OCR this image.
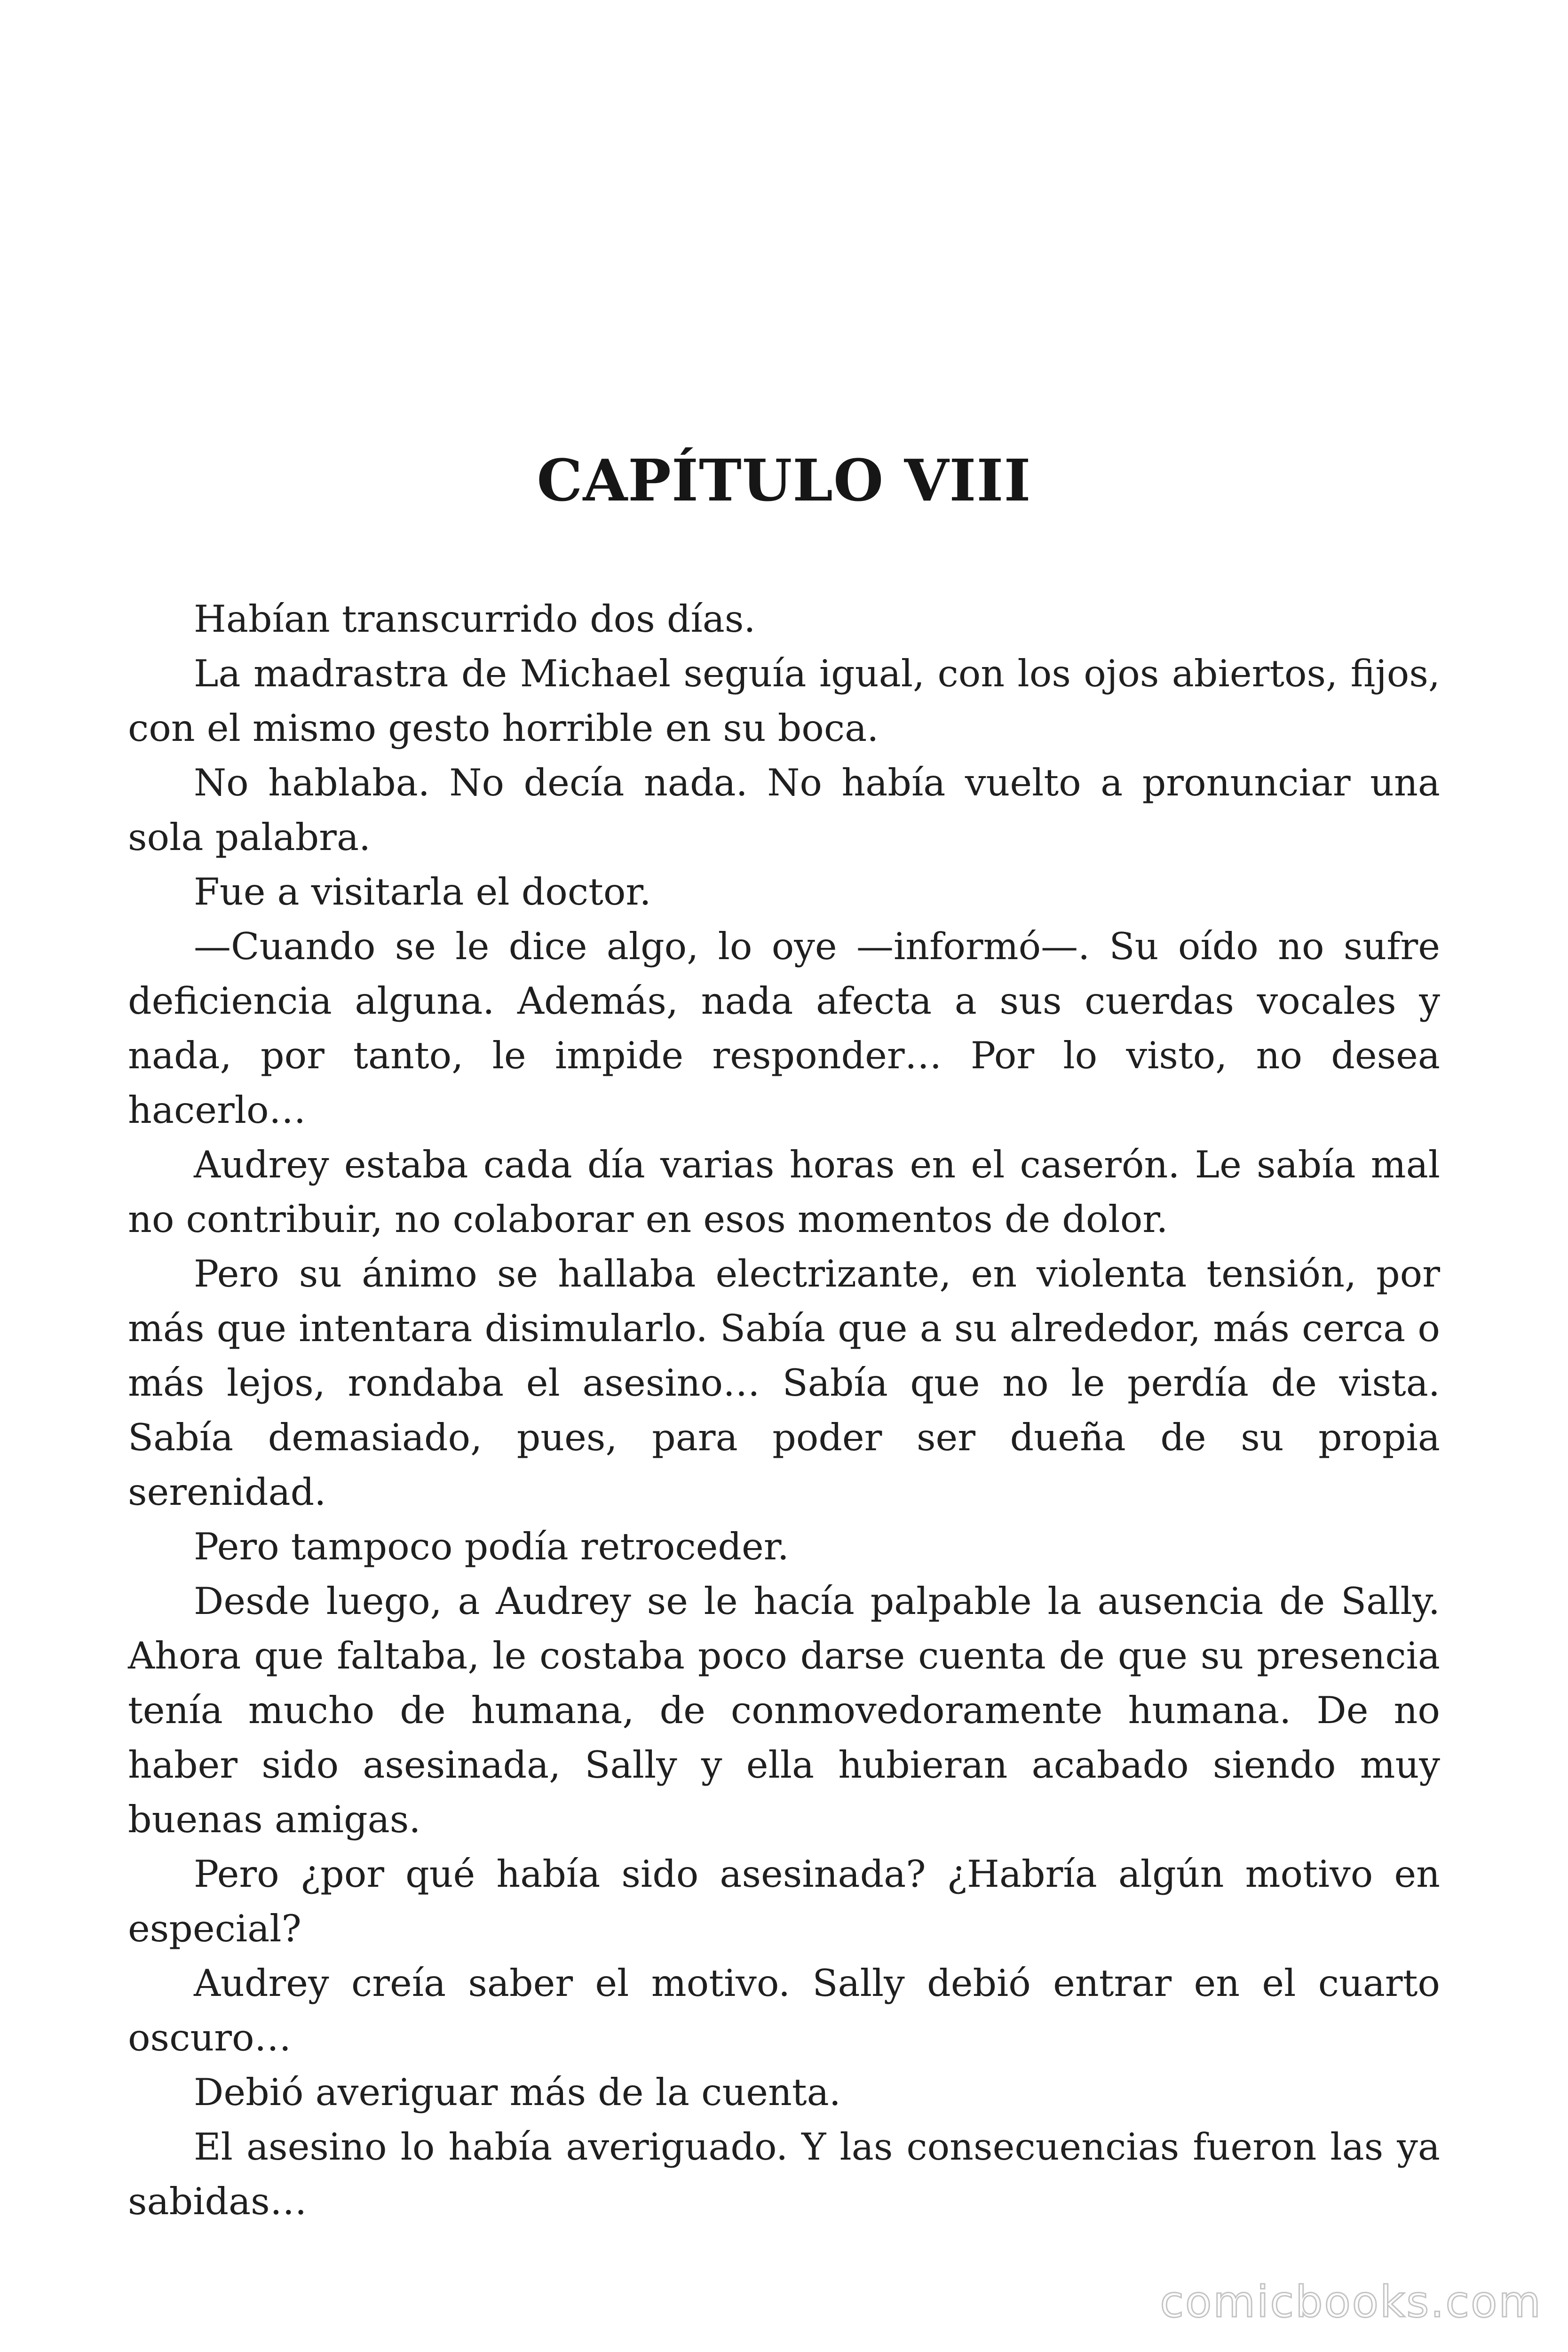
CAPÍTULO VIII

Habían transcurrido dos días.

La madrastra de Michael seguía igual, con los ojos abiertos, fijos, con el mismo gesto horrible en su boca.

No hablaba. No decía nada. No había vuelto a pronunciar una sola palabra.

Fue a visitarla el doctor.

—Cuando se le dice algo, lo oye —informó—. Su oído no sufre deficiencia alguna. Además, nada afecta a sus cuerdas vocales y nada, por tanto, le impide responder… Por lo visto, no desea hacerlo…

Audrey estaba cada día varias horas en el caserón. Le sabía mal no contribuir, no colaborar en esos momentos de dolor.

Pero su ánimo se hallaba electrizante, en violenta tensión, por más que intentara disimularlo. Sabía que a su alrededor, más cerca o más lejos, rondaba el asesino… Sabía que no le perdía de vista. Sabía demasiado, pues, para poder ser dueña de su propia serenidad.

Pero tampoco podía retroceder.

Desde luego, a Audrey se le hacía palpable la ausencia de Sally. Ahora que faltaba, le costaba poco darse cuenta de que su presencia tenía mucho de humana, de conmovedoramente humana. De no haber sido asesinada, Sally y ella hubieran acabado siendo muy buenas amigas.

Pero ¿por qué había sido asesinada? ¿Habría algún motivo en especial?

Audrey creía saber el motivo. Sally debió entrar en el cuarto oscuro…

Debió averiguar más de la cuenta.

El asesino lo había averiguado. Y las consecuencias fueron las ya sabidas…

comicbooks.com
